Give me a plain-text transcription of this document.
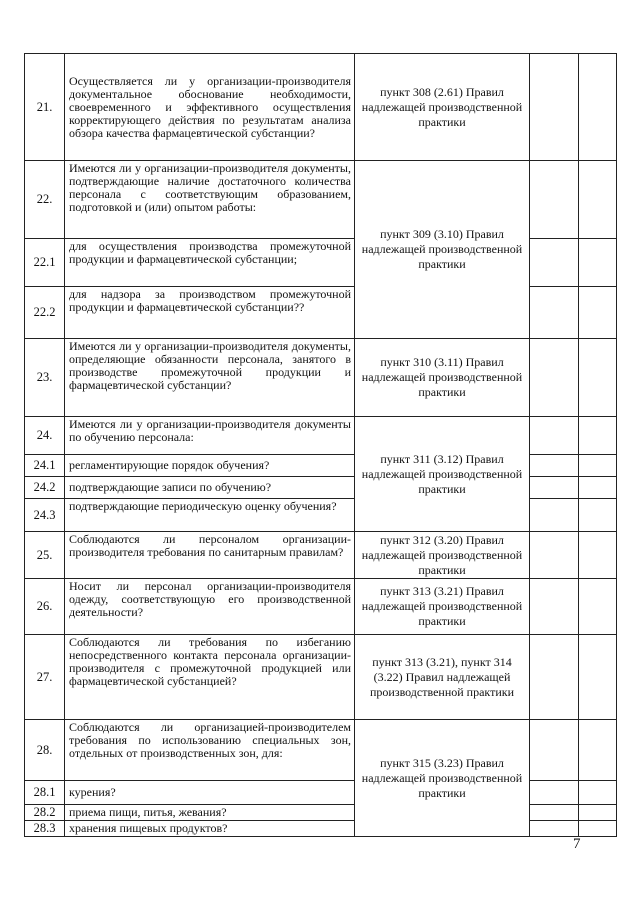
21.	Осуществляется ли у организации-производителя документальное обоснование необходимости, своевременного и эффективного осуществления корректирующего действия по результатам анализа обзора качества фармацевтической субстанции?	пункт 308 (2.61) Правил надлежащей производственной практики		
22.	Имеются ли у организации-производителя документы, подтверждающие наличие достаточного количества персонала с соответствующим образованием, подготовкой и (или) опытом работы:	пункт 309 (3.10) Правил надлежащей производственной практики		
22.1	для осуществления производства промежуточной продукции и фармацевтической субстанции;			
22.2	для надзора за производством промежуточной продукции и фармацевтической субстанции??			
23.	Имеются ли у организации-производителя документы, определяющие обязанности персонала, занятого в производстве промежуточной продукции и фармацевтической субстанции?	пункт 310 (3.11) Правил надлежащей производственной практики		
24.	Имеются ли у организации-производителя документы по обучению персонала:	пункт 311 (3.12) Правил надлежащей производственной практики		
24.1	регламентирующие порядок обучения?			
24.2	подтверждающие записи по обучению?			
24.3	подтверждающие периодическую оценку обучения?			
25.	Соблюдаются ли персоналом организации-производителя требования по санитарным правилам?	пункт 312 (3.20) Правил надлежащей производственной практики		
26.	Носит ли персонал организации-производителя одежду, соответствующую его производственной деятельности?	пункт 313 (3.21) Правил надлежащей производственной практики		
27.	Соблюдаются ли требования по избеганию непосредственного контакта персонала организации-производителя с промежуточной продукцией или фармацевтической субстанцией?	пункт 313 (3.21), пункт 314 (3.22) Правил надлежащей производственной практики		
28.	Соблюдаются ли организацией-производителем требования по использованию специальных зон, отдельных от производственных зон, для:	пункт 315 (3.23) Правил надлежащей производственной практики		
28.1	курения?			
28.2	приема пищи, питья, жевания?			
28.3	хранения пищевых продуктов?			
7
